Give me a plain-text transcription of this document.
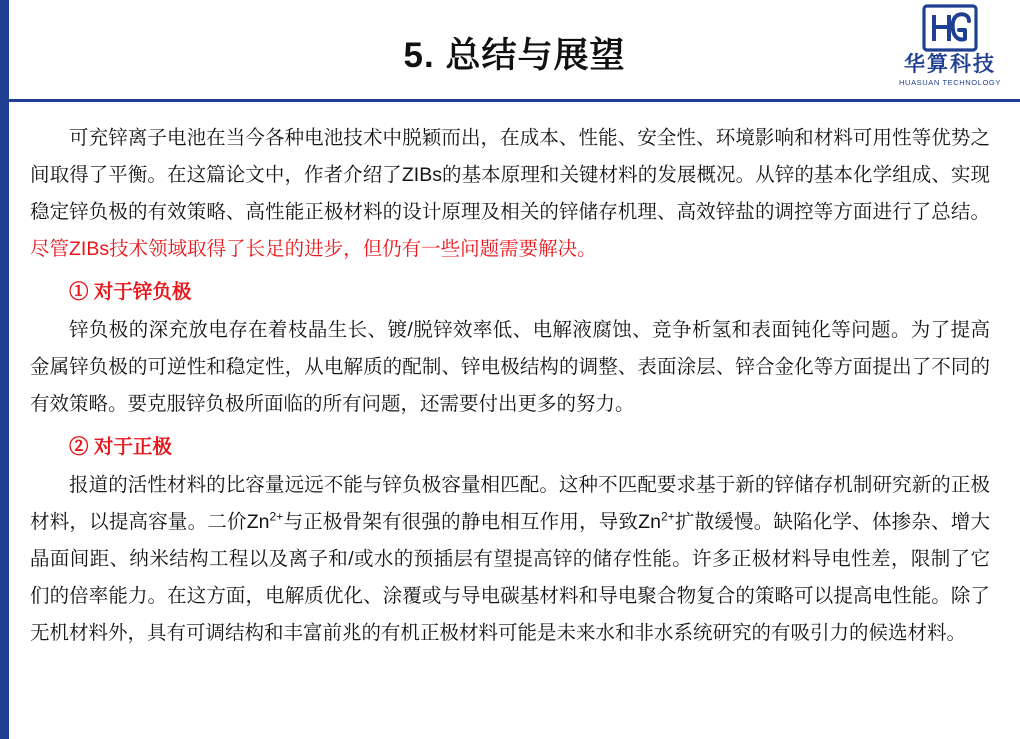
5. 总结与展望	华算科技
HUASUAN TECHNOLOGY

可充锌离子电池在当今各种电池技术中脱颖而出，在成本、性能、安全性、环境影响和材料可用性等优势之间取得了平衡。在这篇论文中，作者介绍了ZIBs的基本原理和关键材料的发展概况。从锌的基本化学组成、实现稳定锌负极的有效策略、高性能正极材料的设计原理及相关的锌储存机理、高效锌盐的调控等方面进行了总结。尽管ZIBs技术领域取得了长足的进步，但仍有一些问题需要解决。

① 对于锌负极

锌负极的深充放电存在着枝晶生长、镀/脱锌效率低、电解液腐蚀、竞争析氢和表面钝化等问题。为了提高金属锌负极的可逆性和稳定性，从电解质的配制、锌电极结构的调整、表面涂层、锌合金化等方面提出了不同的有效策略。要克服锌负极所面临的所有问题，还需要付出更多的努力。

② 对于正极

报道的活性材料的比容量远远不能与锌负极容量相匹配。这种不匹配要求基于新的锌储存机制研究新的正极材料，以提高容量。二价$Zn^{2+}$与正极骨架有很强的静电相互作用，导致$Zn^{2+}$扩散缓慢。缺陷化学、体掺杂、增大晶面间距、纳米结构工程以及离子和/或水的预插层有望提高锌的储存性能。许多正极材料导电性差，限制了它们的倍率能力。在这方面，电解质优化、涂覆或与导电碳基材料和导电聚合物复合的策略可以提高电性能。除了无机材料外，具有可调结构和丰富前兆的有机正极材料可能是未来水和非水系统研究的有吸引力的候选材料。
